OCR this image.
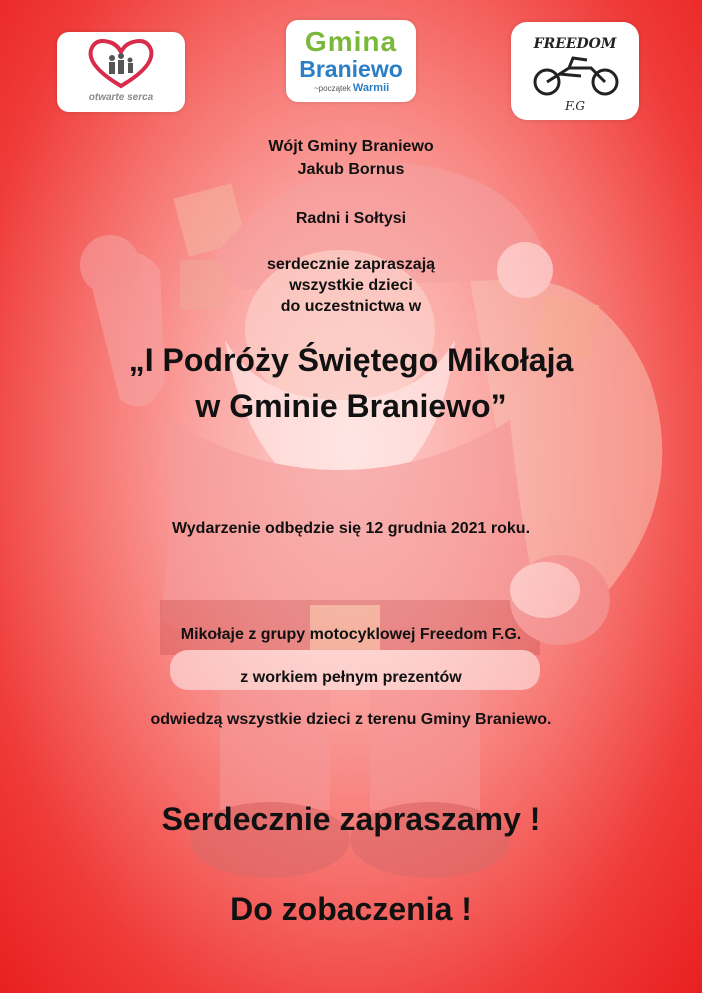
otwarte serca
Gmina
Braniewo
~początek Warmii
FREEDOM
F.G
Wójt Gminy Braniewo
Jakub Bornus
Radni i Sołtysi
serdecznie zapraszają
wszystkie dzieci
do uczestnictwa w
„I Podróży Świętego Mikołaja
w Gminie Braniewo”
Wydarzenie odbędzie się 12 grudnia 2021 roku.
Mikołaje z grupy motocyklowej Freedom F.G.
z workiem pełnym prezentów
odwiedzą wszystkie dzieci z terenu Gminy Braniewo.
Serdecznie zapraszamy !
Do zobaczenia !
